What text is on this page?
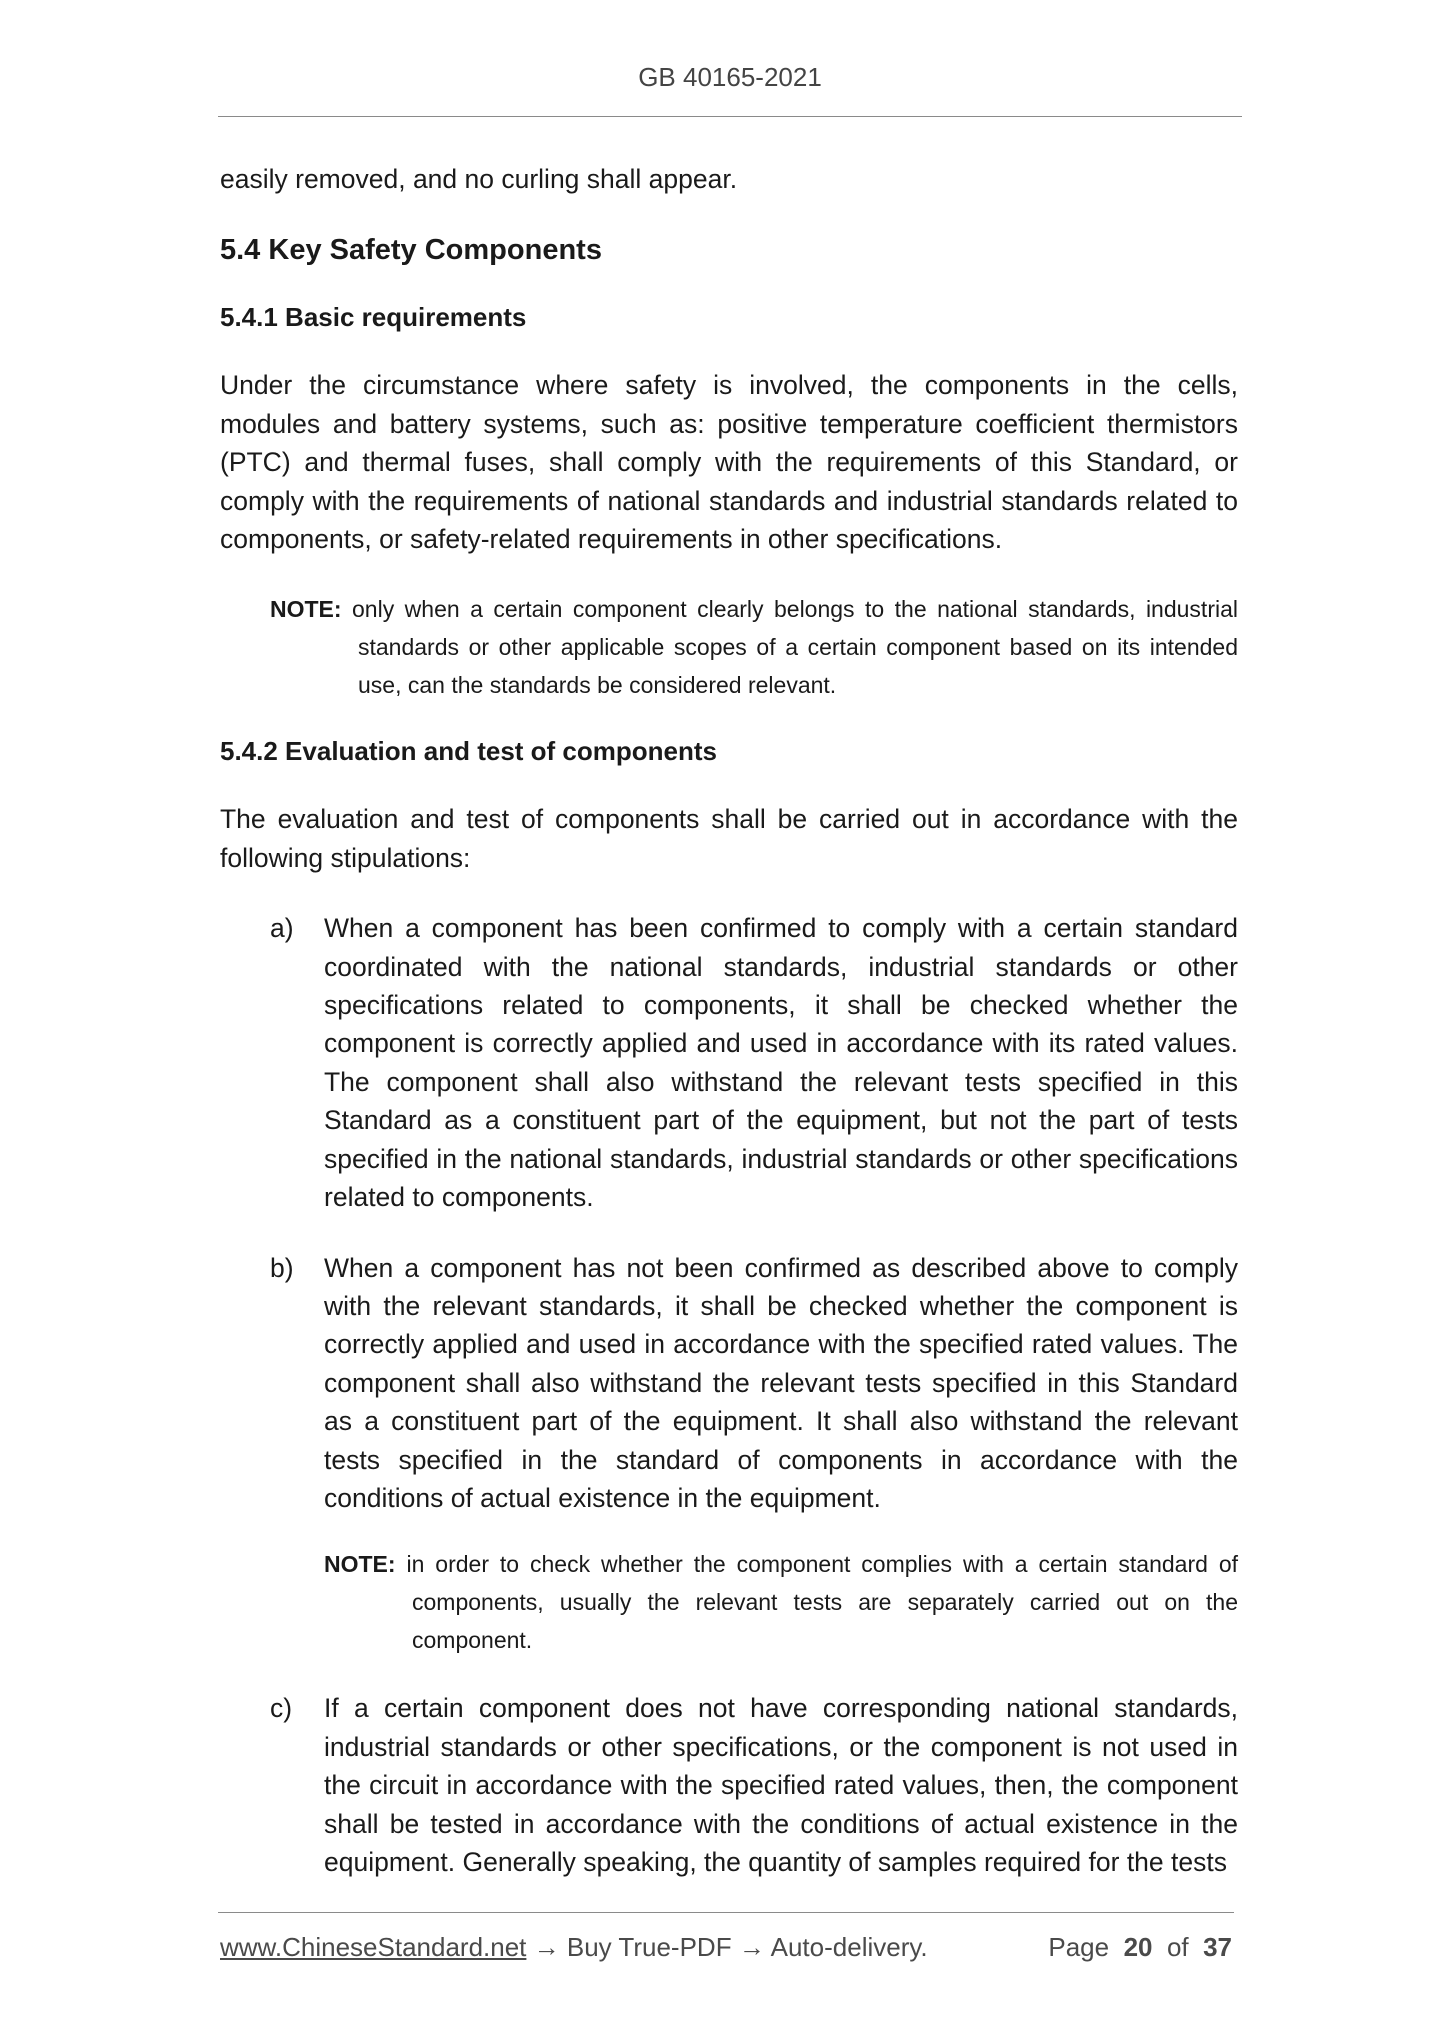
GB 40165-2021

easily removed, and no curling shall appear.

5.4 Key Safety Components

5.4.1 Basic requirements

Under the circumstance where safety is involved, the components in the cells, modules and battery systems, such as: positive temperature coefficient thermistors (PTC) and thermal fuses, shall comply with the requirements of this Standard, or comply with the requirements of national standards and industrial standards related to components, or safety-related requirements in other specifications.

NOTE: only when a certain component clearly belongs to the national standards, industrial standards or other applicable scopes of a certain component based on its intended use, can the standards be considered relevant.

5.4.2 Evaluation and test of components

The evaluation and test of components shall be carried out in accordance with the following stipulations:

a)	When a component has been confirmed to comply with a certain standard coordinated with the national standards, industrial standards or other specifications related to components, it shall be checked whether the component is correctly applied and used in accordance with its rated values. The component shall also withstand the relevant tests specified in this Standard as a constituent part of the equipment, but not the part of tests specified in the national standards, industrial standards or other specifications related to components.
b)	When a component has not been confirmed as described above to comply with the relevant standards, it shall be checked whether the component is correctly applied and used in accordance with the specified rated values. The component shall also withstand the relevant tests specified in this Standard as a constituent part of the equipment. It shall also withstand the relevant tests specified in the standard of components in accordance with the conditions of actual existence in the equipment.

NOTE: in order to check whether the component complies with a certain standard of components, usually the relevant tests are separately carried out on the component.

c)	If a certain component does not have corresponding national standards, industrial standards or other specifications, or the component is not used in the circuit in accordance with the specified rated values, then, the component shall be tested in accordance with the conditions of actual existence in the equipment. Generally speaking, the quantity of samples required for the tests
www.ChineseStandard.net → Buy True-PDF → Auto-delivery.	Page 20 of 37
